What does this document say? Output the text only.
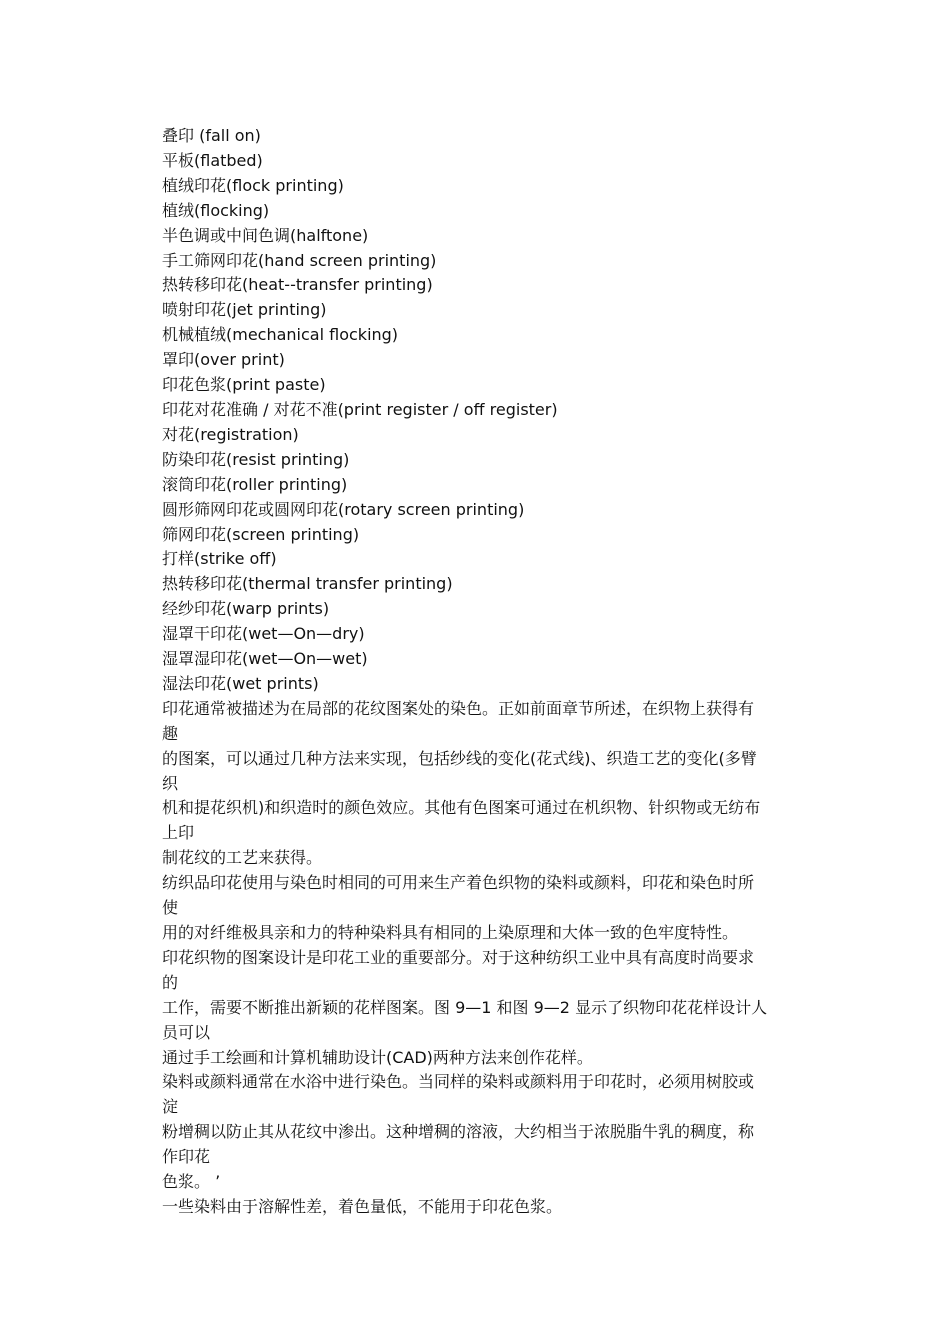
叠印 (fall on)
平板(flatbed)
植绒印花(flock printing)
植绒(flocking)
半色调或中间色调(halftone)
手工筛网印花(hand screen printing)
热转移印花(heat--transfer printing)
喷射印花(jet printing)
机械植绒(mechanical flocking)
罩印(over print)
印花色浆(print paste)
印花对花准确 / 对花不准(print register / off register)
对花(registration)
防染印花(resist printing)
滚筒印花(roller printing)
圆形筛网印花或圆网印花(rotary screen printing)
筛网印花(screen printing)
打样(strike off)
热转移印花(thermal transfer printing)
经纱印花(warp prints)
湿罩干印花(wet—On—dry)
湿罩湿印花(wet—On—wet)
湿法印花(wet prints)
印花通常被描述为在局部的花纹图案处的染色。正如前面章节所述，在织物上获得有
趣
的图案，可以通过几种方法来实现，包括纱线的变化(花式线)、织造工艺的变化(多臂
织
机和提花织机)和织造时的颜色效应。其他有色图案可通过在机织物、针织物或无纺布
上印
制花纹的工艺来获得。
纺织品印花使用与染色时相同的可用来生产着色织物的染料或颜料，印花和染色时所
使
用的对纤维极具亲和力的特种染料具有相同的上染原理和大体一致的色牢度特性。
印花织物的图案设计是印花工业的重要部分。对于这种纺织工业中具有高度时尚要求
的
工作，需要不断推出新颖的花样图案。图 9—1 和图 9—2 显示了织物印花花样设计人
员可以
通过手工绘画和计算机辅助设计(CAD)两种方法来创作花样。
染料或颜料通常在水浴中进行染色。当同样的染料或颜料用于印花时，必须用树胶或
淀
粉增稠以防止其从花纹中渗出。这种增稠的溶液，大约相当于浓脱脂牛乳的稠度，称
作印花
色浆。 ’
一些染料由于溶解性差，着色量低，不能用于印花色浆。
